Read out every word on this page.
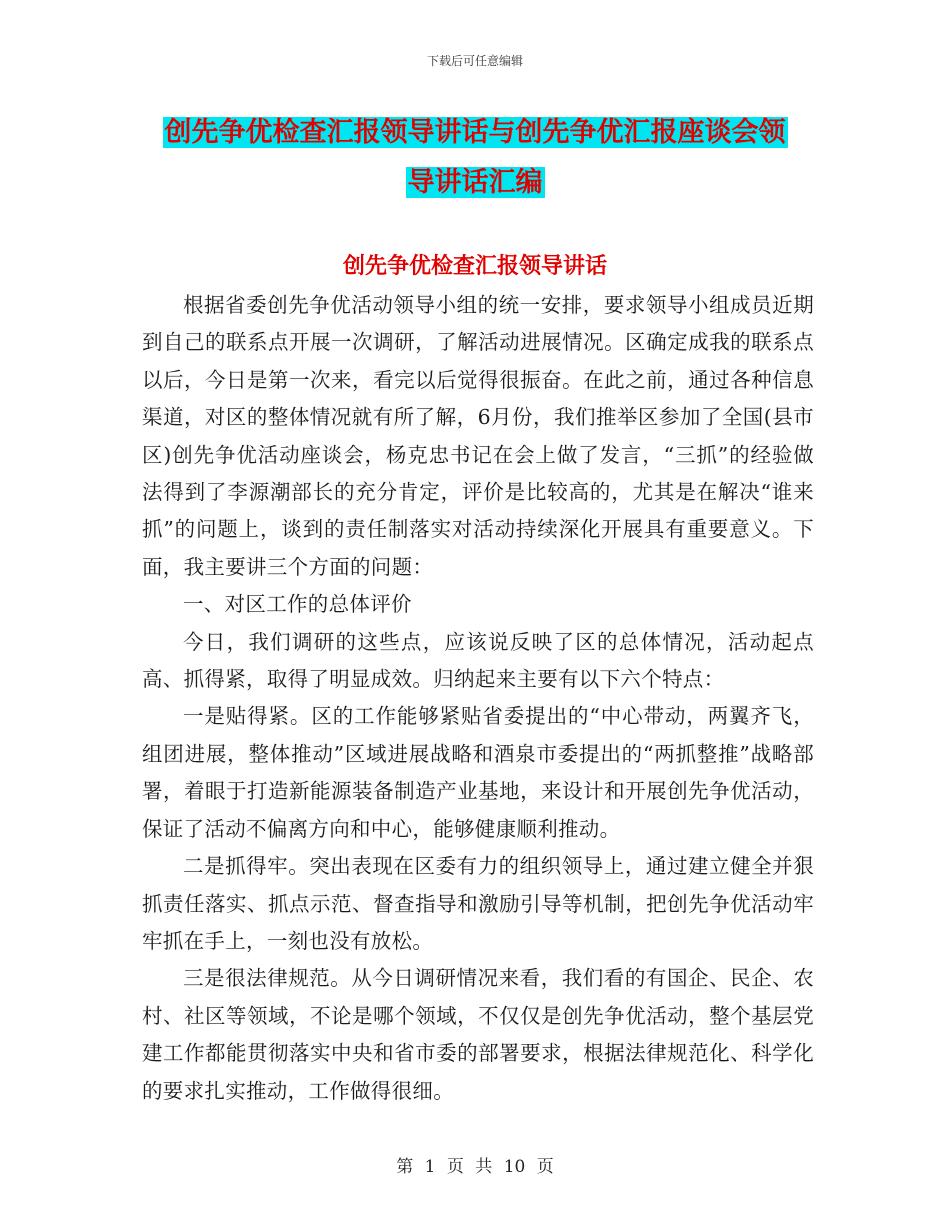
下载后可任意编辑
创先争优检查汇报领导讲话与创先争优汇报座谈会领
导讲话汇编
创先争优检查汇报领导讲话

根据省委创先争优活动领导小组的统一安排，要求领导小组成员近期到自己的联系点开展一次调研，了解活动进展情况。区确定成我的联系点以后，今日是第一次来，看完以后觉得很振奋。在此之前，通过各种信息渠道，对区的整体情况就有所了解，6月份，我们推举区参加了全国(县市区)创先争优活动座谈会，杨克忠书记在会上做了发言，“三抓”的经验做法得到了李源潮部长的充分肯定，评价是比较高的，尤其是在解决“谁来抓”的问题上，谈到的责任制落实对活动持续深化开展具有重要意义。下面，我主要讲三个方面的问题：

一、对区工作的总体评价

今日，我们调研的这些点，应该说反映了区的总体情况，活动起点高、抓得紧，取得了明显成效。归纳起来主要有以下六个特点：

一是贴得紧。区的工作能够紧贴省委提出的“中心带动，两翼齐飞，组团进展，整体推动”区域进展战略和酒泉市委提出的“两抓整推”战略部署，着眼于打造新能源装备制造产业基地，来设计和开展创先争优活动，保证了活动不偏离方向和中心，能够健康顺利推动。

二是抓得牢。突出表现在区委有力的组织领导上，通过建立健全并狠抓责任落实、抓点示范、督查指导和激励引导等机制，把创先争优活动牢牢抓在手上，一刻也没有放松。

三是很法律规范。从今日调研情况来看，我们看的有国企、民企、农村、社区等领域，不论是哪个领域，不仅仅是创先争优活动，整个基层党建工作都能贯彻落实中央和省市委的部署要求，根据法律规范化、科学化的要求扎实推动，工作做得很细。

第 1 页 共 10 页
